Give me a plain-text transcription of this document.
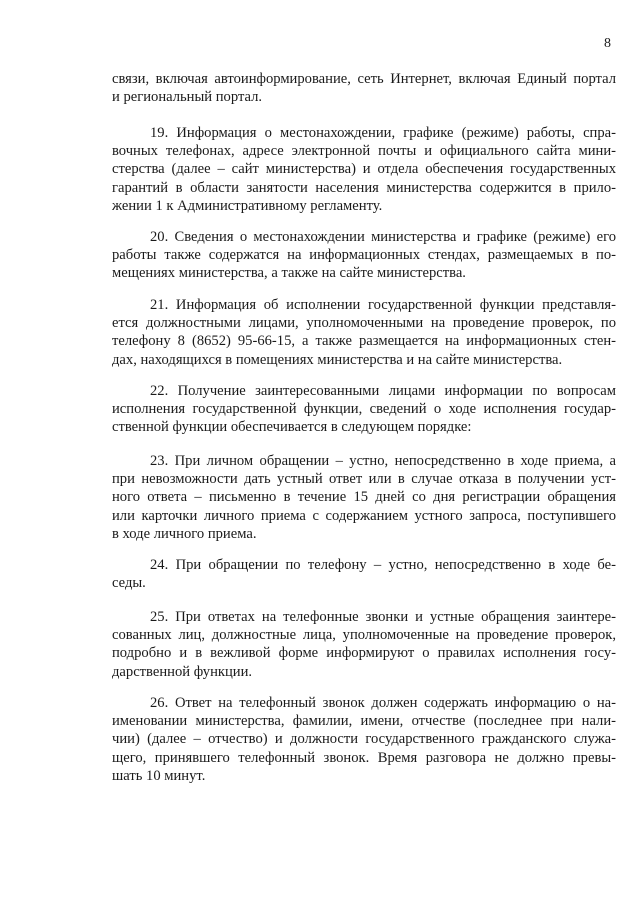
8
связи, включая автоинформирование, сеть Интернет, включая Единый портал
и региональный портал.
19. Информация о местонахождении, графике (режиме) работы, спра-
вочных телефонах, адресе электронной почты и официального сайта мини-
стерства (далее – сайт министерства) и отдела обеспечения государственных
гарантий в области занятости населения министерства содержится в прило-
жении 1 к Административному регламенту.
20. Сведения о местонахождении министерства и графике (режиме) его
работы также содержатся на информационных стендах, размещаемых в по-
мещениях министерства, а также на сайте министерства.
21. Информация об исполнении государственной функции представля-
ется должностными лицами, уполномоченными на проведение проверок, по
телефону 8 (8652) 95-66-15, а также размещается на информационных стен-
дах, находящихся в помещениях министерства и на сайте министерства.
22. Получение заинтересованными лицами информации по вопросам
исполнения государственной функции, сведений о ходе исполнения государ-
ственной функции обеспечивается в следующем порядке:
23. При личном обращении – устно, непосредственно в ходе приема, а
при невозможности дать устный ответ или в случае отказа в получении уст-
ного ответа – письменно в течение 15 дней со дня регистрации обращения
или карточки личного приема с содержанием устного запроса, поступившего
в ходе личного приема.
24. При обращении по телефону – устно, непосредственно в ходе бе-
седы.
25. При ответах на телефонные звонки и устные обращения заинтере-
сованных лиц, должностные лица, уполномоченные на проведение проверок,
подробно и в вежливой форме информируют о правилах исполнения госу-
дарственной функции.
26. Ответ на телефонный звонок должен содержать информацию о на-
именовании министерства, фамилии, имени, отчестве (последнее при нали-
чии) (далее – отчество) и должности государственного гражданского служа-
щего, принявшего телефонный звонок. Время разговора не должно превы-
шать 10 минут.
